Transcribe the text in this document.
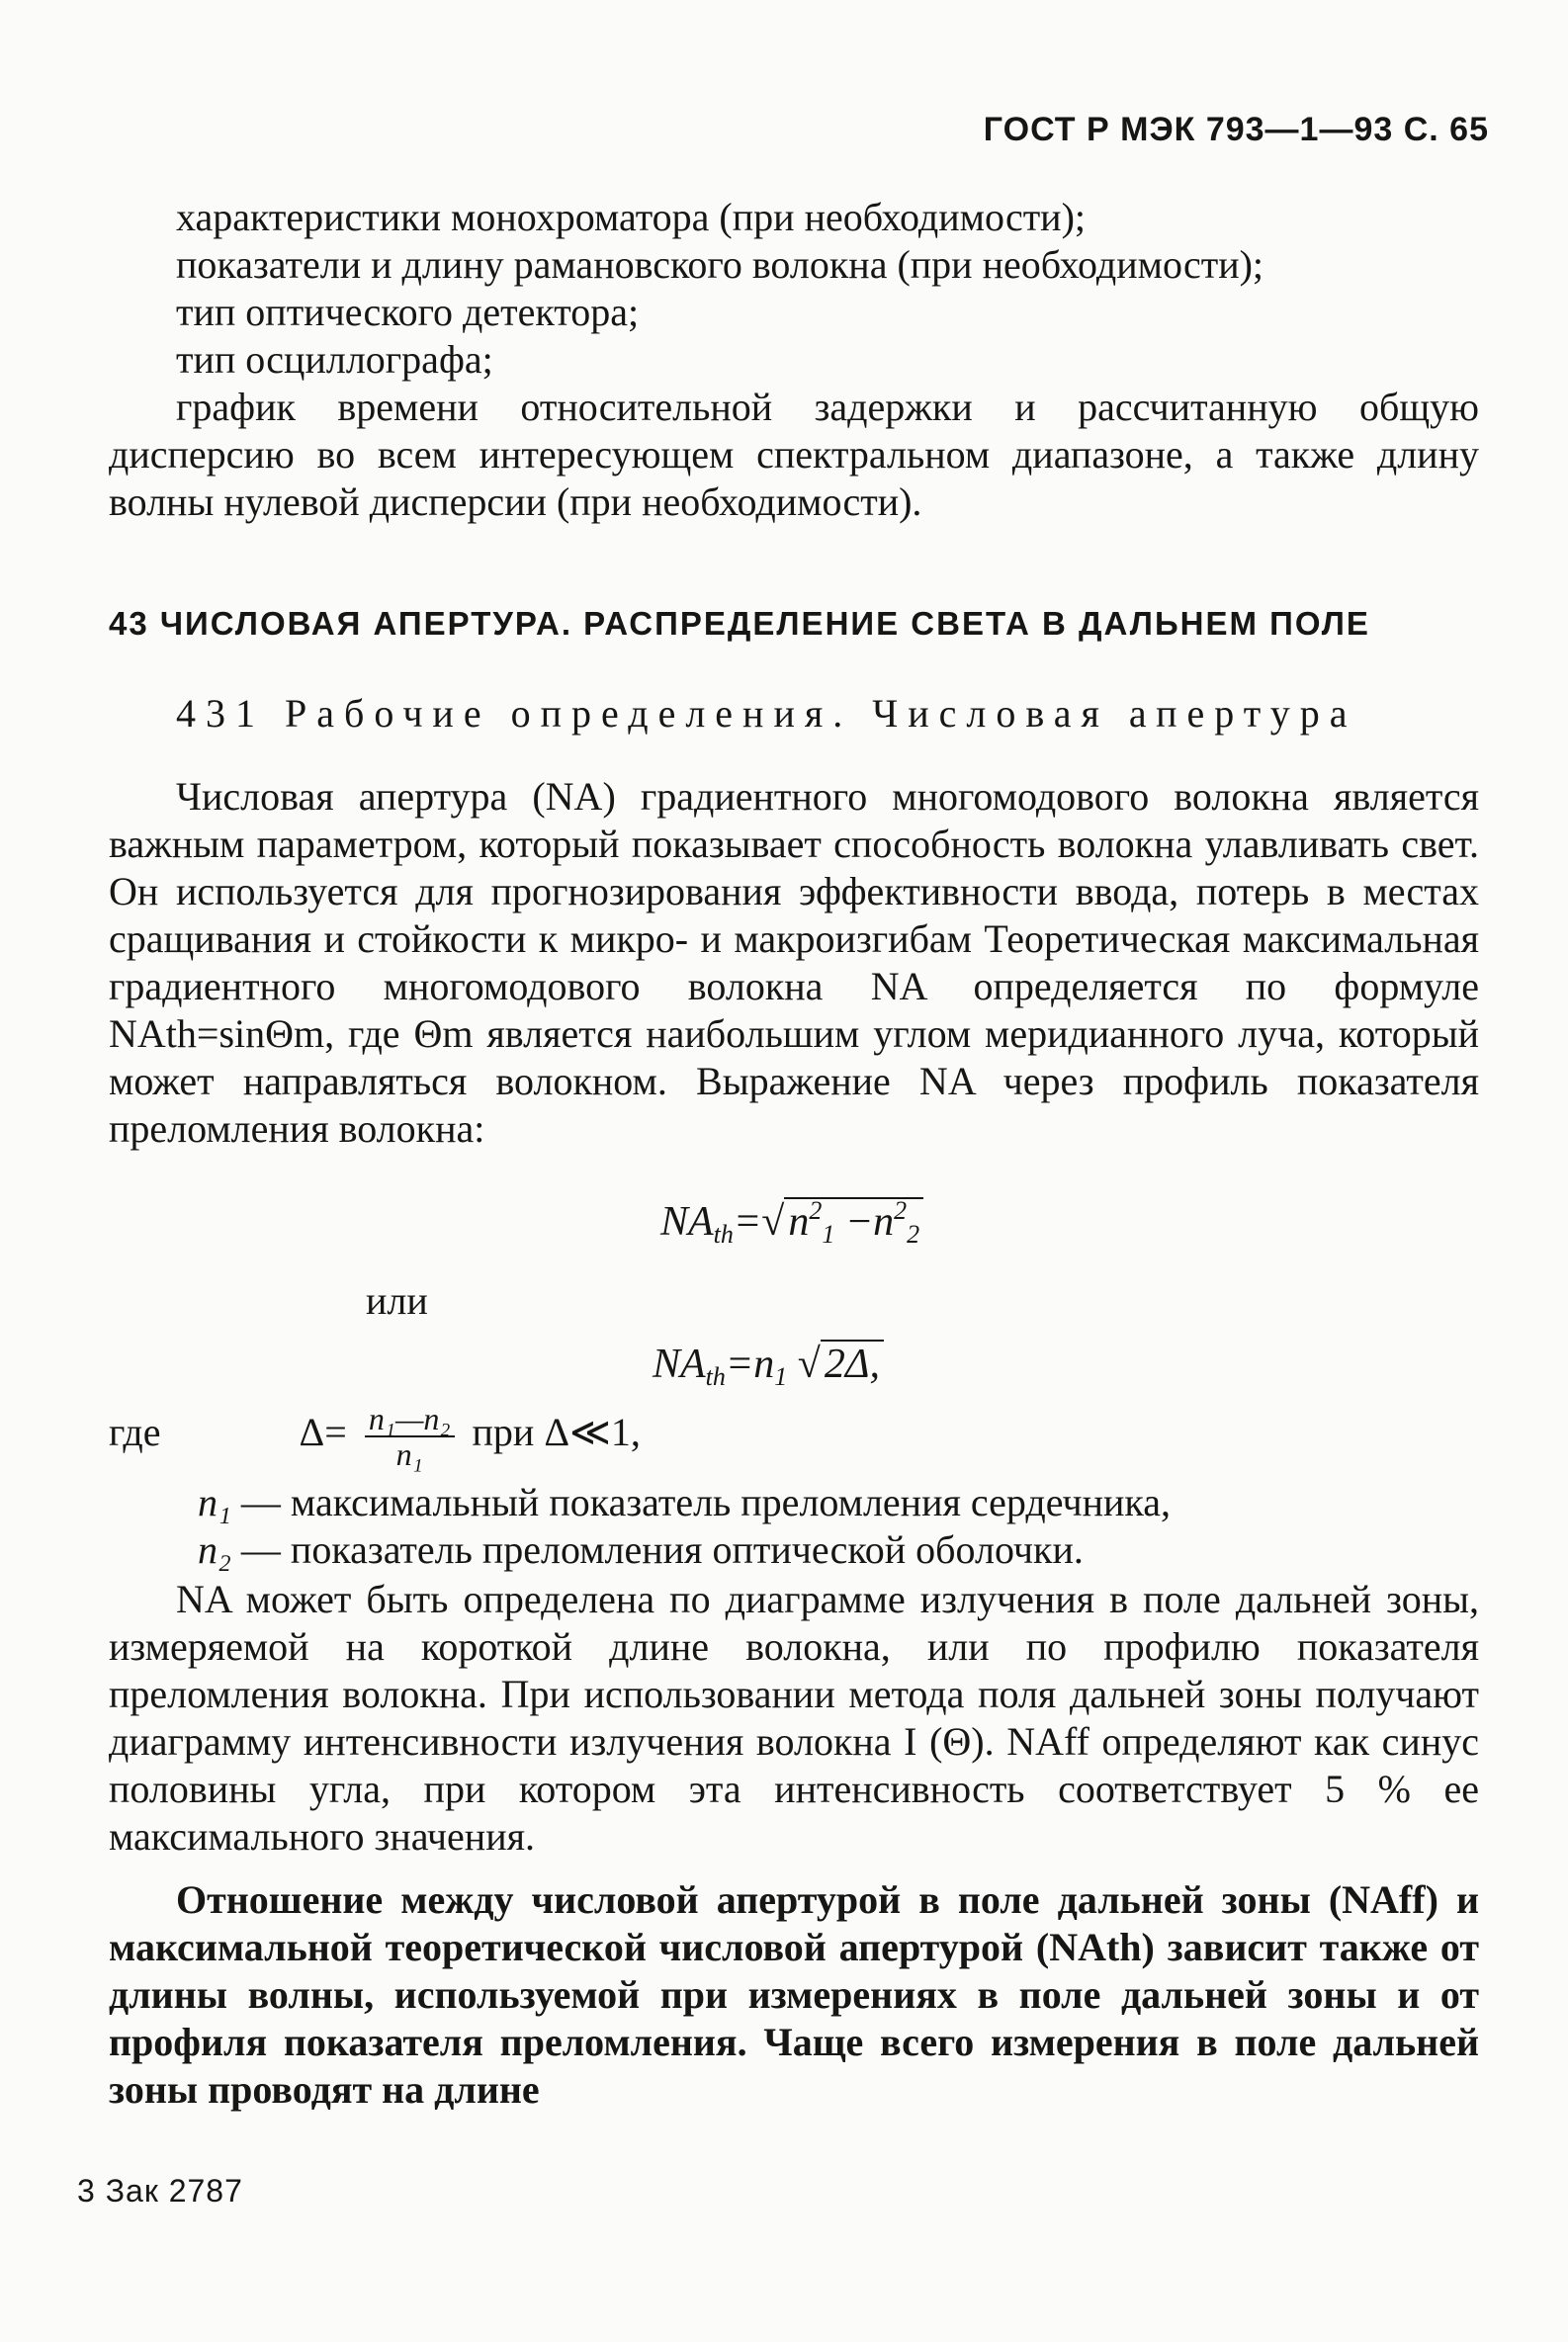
ГОСТ Р МЭК 793—1—93 С. 65

характеристики монохроматора (при необходимости);

показатели и длину рамановского волокна (при необходимости);

тип оптического детектора;

тип осциллографа;

график времени относительной задержки и рассчитанную общую дисперсию во всем интересующем спектральном диапазоне, а также длину волны нулевой дисперсии (при необходимости).

43 ЧИСЛОВАЯ АПЕРТУРА. РАСПРЕДЕЛЕНИЕ СВЕТА В ДАЛЬНЕМ ПОЛЕ
431 Рабочие определения. Числовая апертура

Числовая апертура (NA) градиентного многомодового волокна является важным параметром, который показывает способность волокна улавливать свет. Он используется для прогнозирования эффективности ввода, потерь в местах сращивания и стойкости к микро- и макроизгибам Теоретическая максимальная градиентного многомодового волокна NA определяется по формуле NAth=sinΘm, где Θm является наибольшим углом меридианного луча, который может направляться волокном. Выражение NA через профиль показателя преломления волокна:

$NA_{th}=√n^2_1 -n^2_2$
или
$NA_{th}=n_1$ √2Δ,
где	$\Delta= \frac{\text{n₁—n₂}}{\text{n₁}}$ при Δ≪1,

n₁ — максимальный показатель преломления сердечника,

n₂ — показатель преломления оптической оболочки.

NA может быть определена по диаграмме излучения в поле дальней зоны, измеряемой на короткой длине волокна, или по профилю показателя преломления волокна. При использовании метода поля дальней зоны получают диаграмму интенсивности излучения волокна I (Θ). NAff определяют как синус половины угла, при котором эта интенсивность соответствует 5 % ее максимального значения.

Отношение между числовой апертурой в поле дальней зоны (NAff) и максимальной теоретической числовой апертурой (NAth) зависит также от длины волны, используемой при измерениях в поле дальней зоны и от профиля показателя преломления. Чаще всего измерения в поле дальней зоны проводят на длине

3 Зак 2787
